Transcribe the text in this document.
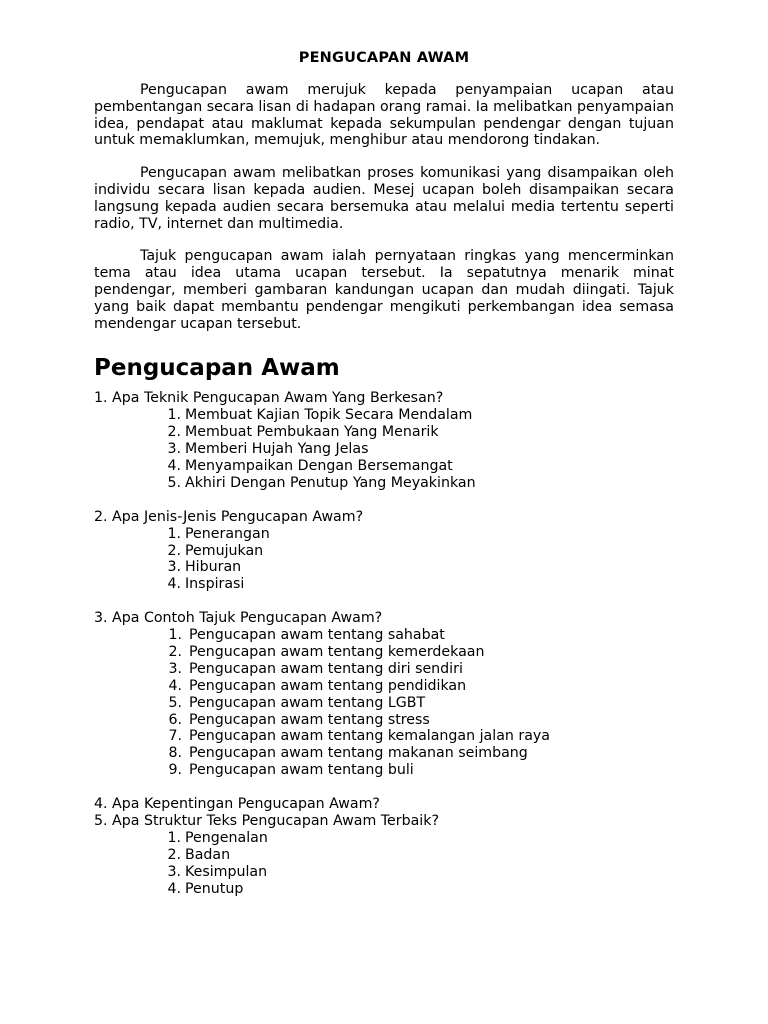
PENGUCAPAN AWAM

Pengucapan awam merujuk kepada penyampaian ucapan atau pembentangan secara lisan di hadapan orang ramai. Ia melibatkan penyampaian idea, pendapat atau maklumat kepada sekumpulan pendengar dengan tujuan untuk memaklumkan, memujuk, menghibur atau mendorong tindakan.

Pengucapan awam melibatkan proses komunikasi yang disampaikan oleh individu secara lisan kepada audien. Mesej ucapan boleh disampaikan secara langsung kepada audien secara bersemuka atau melalui media tertentu seperti radio, TV, internet dan multimedia.

Tajuk pengucapan awam ialah pernyataan ringkas yang mencerminkan tema atau idea utama ucapan tersebut. Ia sepatutnya menarik minat pendengar, memberi gambaran kandungan ucapan dan mudah diingati. Tajuk yang baik dapat membantu pendengar mengikuti perkembangan idea semasa mendengar ucapan tersebut.

Pengucapan Awam
1. Apa Teknik Pengucapan Awam Yang Berkesan?
1. Membuat Kajian Topik Secara Mendalam
2. Membuat Pembukaan Yang Menarik
3. Memberi Hujah Yang Jelas
4. Menyampaikan Dengan Bersemangat
5. Akhiri Dengan Penutup Yang Meyakinkan
2. Apa Jenis-Jenis Pengucapan Awam?
1. Penerangan
2. Pemujukan
3. Hiburan
4. Inspirasi
3. Apa Contoh Tajuk Pengucapan Awam?
1. Pengucapan awam tentang sahabat
2. Pengucapan awam tentang kemerdekaan
3. Pengucapan awam tentang diri sendiri
4. Pengucapan awam tentang pendidikan
5. Pengucapan awam tentang LGBT
6. Pengucapan awam tentang stress
7. Pengucapan awam tentang kemalangan jalan raya
8. Pengucapan awam tentang makanan seimbang
9. Pengucapan awam tentang buli
4. Apa Kepentingan Pengucapan Awam?
5. Apa Struktur Teks Pengucapan Awam Terbaik?
1. Pengenalan
2. Badan
3. Kesimpulan
4. Penutup
